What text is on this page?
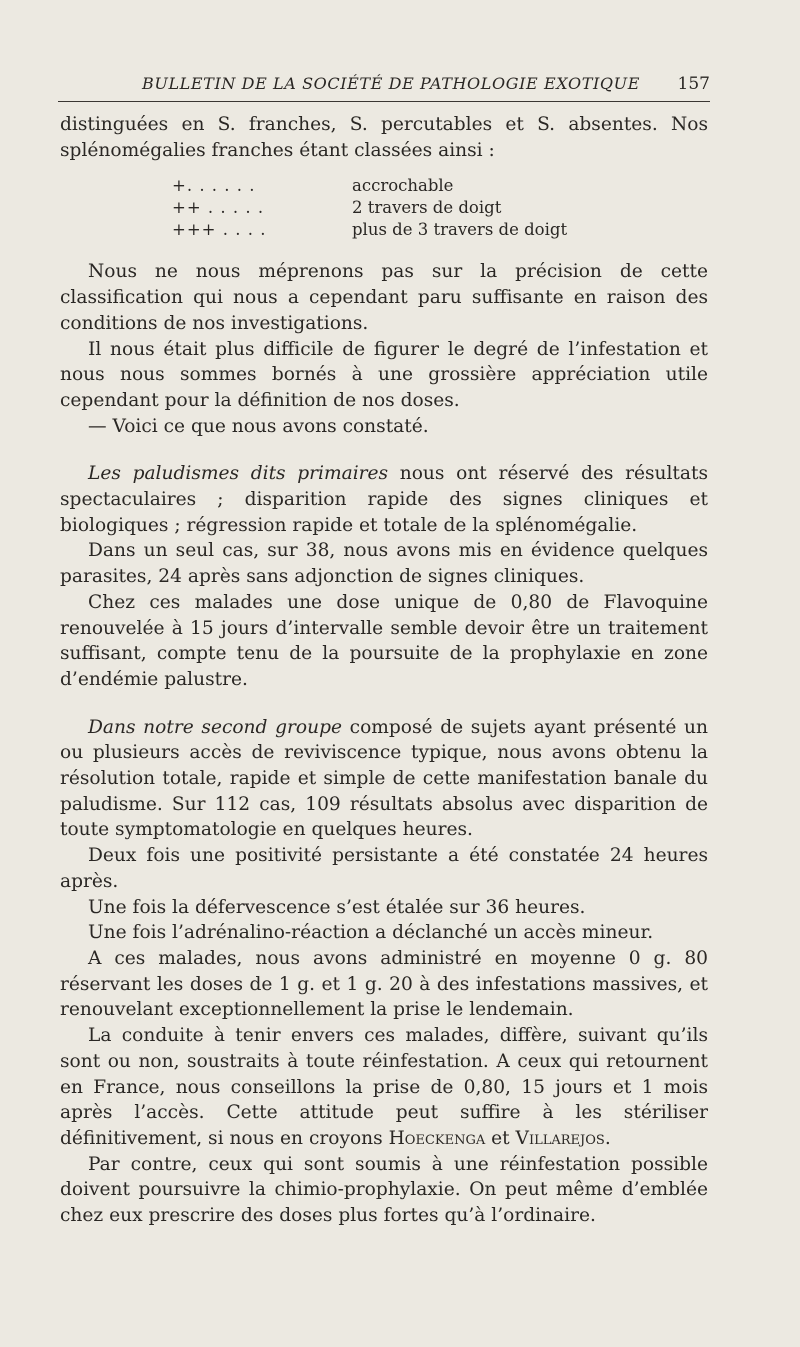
BULLETIN DE LA SOCIÉTÉ DE PATHOLOGIE EXOTIQUE 157

distinguées en S. franches, S. percutables et S. absentes. Nos splénomégalies franches étant classées ainsi :

+. . . . . .	accrochable
++ . . . . .	2 travers de doigt
+++ . . . .	plus de 3 travers de doigt

Nous ne nous méprenons pas sur la précision de cette classification qui nous a cependant paru suffisante en raison des conditions de nos investigations.

Il nous était plus difficile de figurer le degré de l’infestation et nous nous sommes bornés à une grossière appréciation utile cependant pour la définition de nos doses.

— Voici ce que nous avons constaté.

Les paludismes dits primaires nous ont réservé des résultats spectaculaires ; disparition rapide des signes cliniques et biologiques ; régression rapide et totale de la splénomégalie.

Dans un seul cas, sur 38, nous avons mis en évidence quelques parasites, 24 après sans adjonction de signes cliniques.

Chez ces malades une dose unique de 0,80 de Flavoquine renouvelée à 15 jours d’intervalle semble devoir être un traitement suffisant, compte tenu de la poursuite de la prophylaxie en zone d’endémie palustre.

Dans notre second groupe composé de sujets ayant présenté un ou plusieurs accès de reviviscence typique, nous avons obtenu la résolution totale, rapide et simple de cette manifestation banale du paludisme. Sur 112 cas, 109 résultats absolus avec disparition de toute symptomatologie en quelques heures.

Deux fois une positivité persistante a été constatée 24 heures après.

Une fois la défervescence s’est étalée sur 36 heures.

Une fois l’adrénalino-réaction a déclanché un accès mineur.

A ces malades, nous avons administré en moyenne 0 g. 80 réservant les doses de 1 g. et 1 g. 20 à des infestations massives, et renouvelant exceptionnellement la prise le lendemain.

La conduite à tenir envers ces malades, diffère, suivant qu’ils sont ou non, soustraits à toute réinfestation. A ceux qui retournent en France, nous conseillons la prise de 0,80, 15 jours et 1 mois après l’accès. Cette attitude peut suffire à les stériliser définitivement, si nous en croyons Hoeckenga et Villarejos.

Par contre, ceux qui sont soumis à une réinfestation possible doivent poursuivre la chimio-prophylaxie. On peut même d’emblée chez eux prescrire des doses plus fortes qu’à l’ordinaire.
